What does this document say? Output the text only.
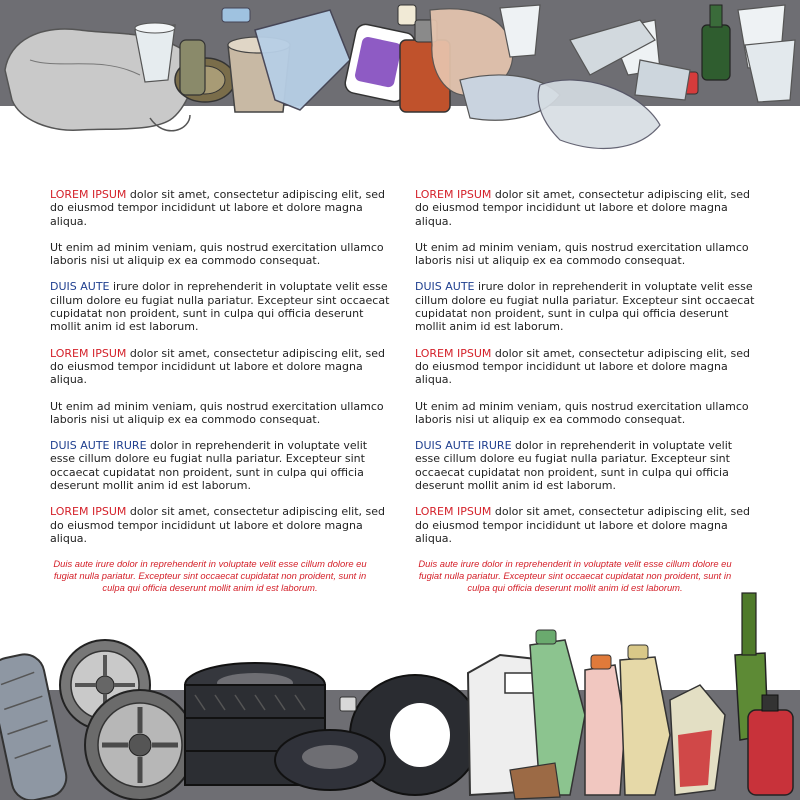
LOREM IPSUM dolor sit amet, consectetur adipiscing elit, sed do eiusmod tempor incididunt ut labore et dolore magna aliqua.

Ut enim ad minim veniam, quis nostrud exercitation ullamco laboris nisi ut aliquip ex ea commodo consequat.

DUIS AUTE irure dolor in reprehenderit in voluptate velit esse cillum dolore eu fugiat nulla pariatur. Excepteur sint occaecat cupidatat non proident, sunt in culpa qui officia deserunt mollit anim id est laborum.

LOREM IPSUM dolor sit amet, consectetur adipiscing elit, sed do eiusmod tempor incididunt ut labore et dolore magna aliqua.

Ut enim ad minim veniam, quis nostrud exercitation ullamco laboris nisi ut aliquip ex ea commodo consequat.

DUIS AUTE IRURE dolor in reprehenderit in voluptate velit esse cillum dolore eu fugiat nulla pariatur. Excepteur sint occaecat cupidatat non proident, sunt in culpa qui officia deserunt mollit anim id est laborum.

LOREM IPSUM dolor sit amet, consectetur adipiscing elit, sed do eiusmod tempor incididunt ut labore et dolore magna aliqua.

Duis aute irure dolor in reprehenderit in voluptate velit esse cillum dolore eu fugiat nulla pariatur. Excepteur sint occaecat cupidatat non proident, sunt in culpa qui officia deserunt mollit anim id est laborum.

LOREM IPSUM dolor sit amet, consectetur adipiscing elit, sed do eiusmod tempor incididunt ut labore et dolore magna aliqua.

Ut enim ad minim veniam, quis nostrud exercitation ullamco laboris nisi ut aliquip ex ea commodo consequat.

DUIS AUTE irure dolor in reprehenderit in voluptate velit esse cillum dolore eu fugiat nulla pariatur. Excepteur sint occaecat cupidatat non proident, sunt in culpa qui officia deserunt mollit anim id est laborum.

LOREM IPSUM dolor sit amet, consectetur adipiscing elit, sed do eiusmod tempor incididunt ut labore et dolore magna aliqua.

Ut enim ad minim veniam, quis nostrud exercitation ullamco laboris nisi ut aliquip ex ea commodo consequat.

DUIS AUTE IRURE dolor in reprehenderit in voluptate velit esse cillum dolore eu fugiat nulla pariatur. Excepteur sint occaecat cupidatat non proident, sunt in culpa qui officia deserunt mollit anim id est laborum.

LOREM IPSUM dolor sit amet, consectetur adipiscing elit, sed do eiusmod tempor incididunt ut labore et dolore magna aliqua.

Duis aute irure dolor in reprehenderit in voluptate velit esse cillum dolore eu fugiat nulla pariatur. Excepteur sint occaecat cupidatat non proident, sunt in culpa qui officia deserunt mollit anim id est laborum.
